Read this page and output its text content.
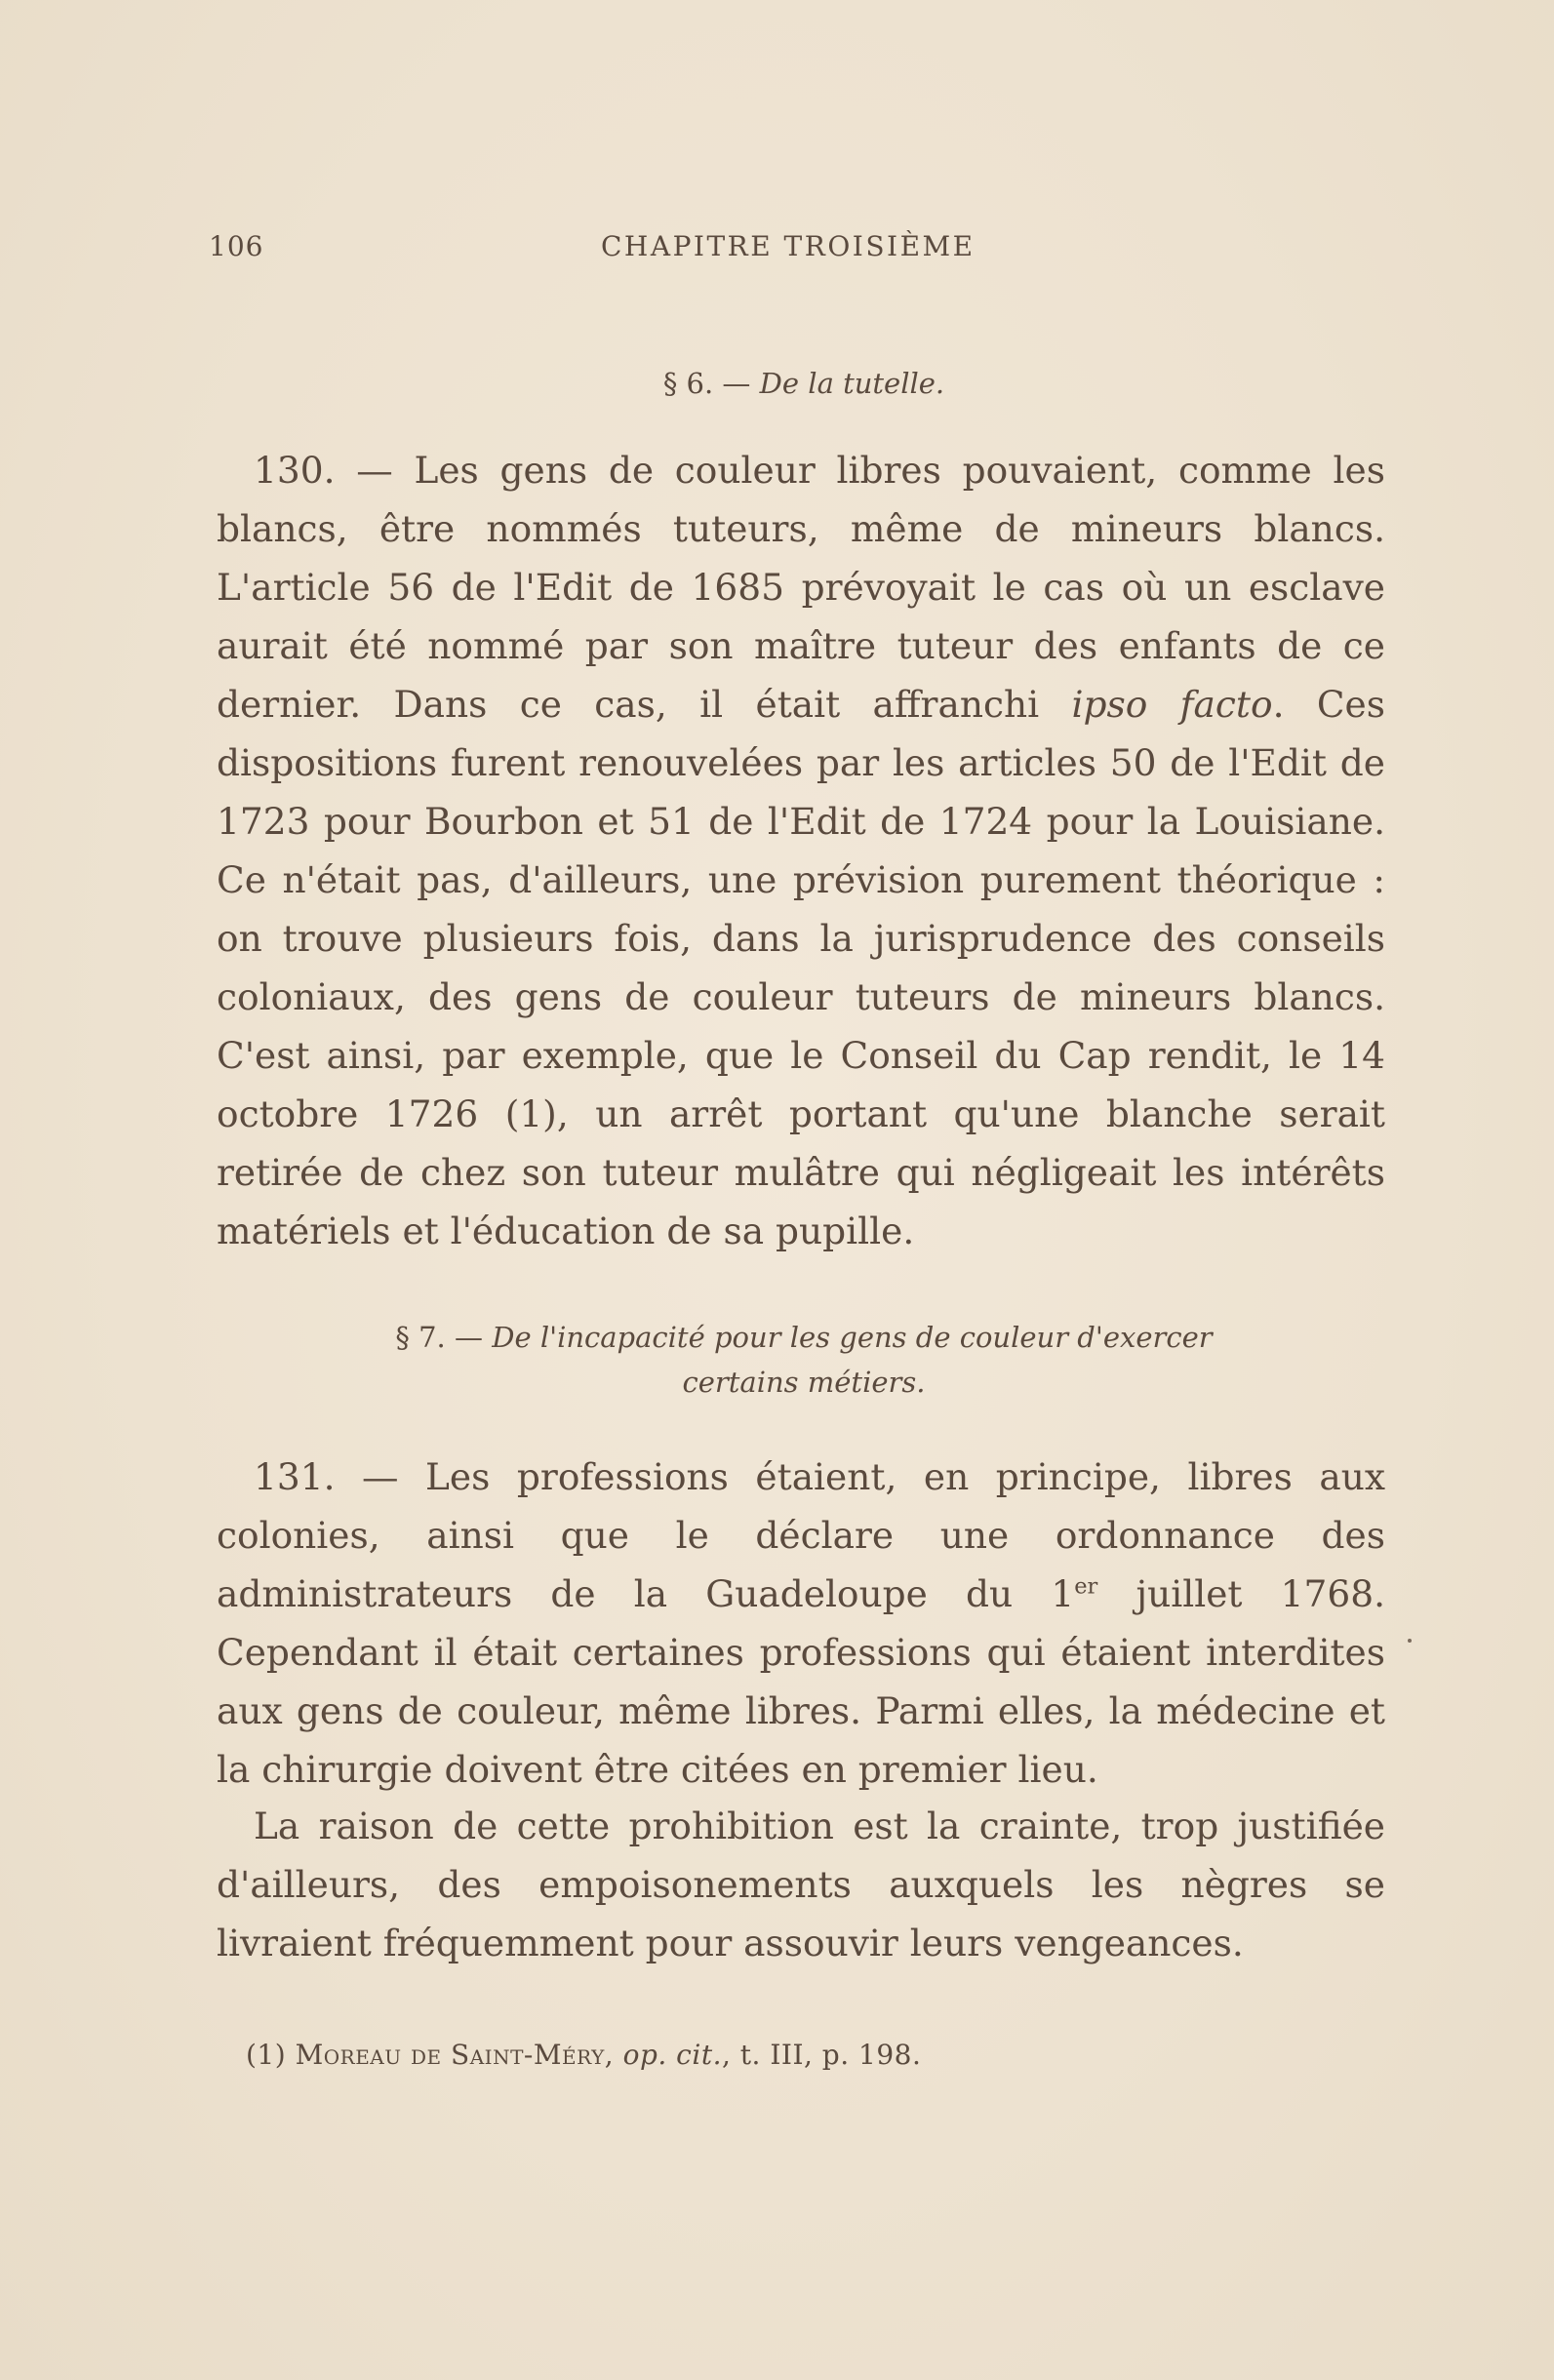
106	CHAPITRE TROISIÈME
§ 6. — De la tutelle.

130. — Les gens de couleur libres pouvaient, comme les blancs, être nommés tuteurs, même de mineurs blancs. L'article 56 de l'Edit de 1685 prévoyait le cas où un esclave aurait été nommé par son maître tuteur des enfants de ce dernier. Dans ce cas, il était affranchi ipso facto. Ces dispositions furent renouvelées par les articles 50 de l'Edit de 1723 pour Bourbon et 51 de l'Edit de 1724 pour la Louisiane. Ce n'était pas, d'ailleurs, une prévision purement théorique : on trouve plusieurs fois, dans la jurisprudence des conseils coloniaux, des gens de couleur tuteurs de mineurs blancs. C'est ainsi, par exemple, que le Conseil du Cap rendit, le 14 octobre 1726 (1), un arrêt portant qu'une blanche serait retirée de chez son tuteur mulâtre qui négligeait les intérêts matériels et l'éducation de sa pupille.

§ 7. — De l'incapacité pour les gens de couleur d'exercer
certains métiers.

131. — Les professions étaient, en principe, libres aux colonies, ainsi que le déclare une ordonnance des administrateurs de la Guadeloupe du 1er juillet 1768. Cependant il était certaines professions qui étaient interdites aux gens de couleur, même libres. Parmi elles, la médecine et la chirurgie doivent être citées en premier lieu.

La raison de cette prohibition est la crainte, trop justifiée d'ailleurs, des empoisonements auxquels les nègres se livraient fréquemment pour assouvir leurs vengeances.

(1) Moreau de Saint-Méry, op. cit., t. III, p. 198.
